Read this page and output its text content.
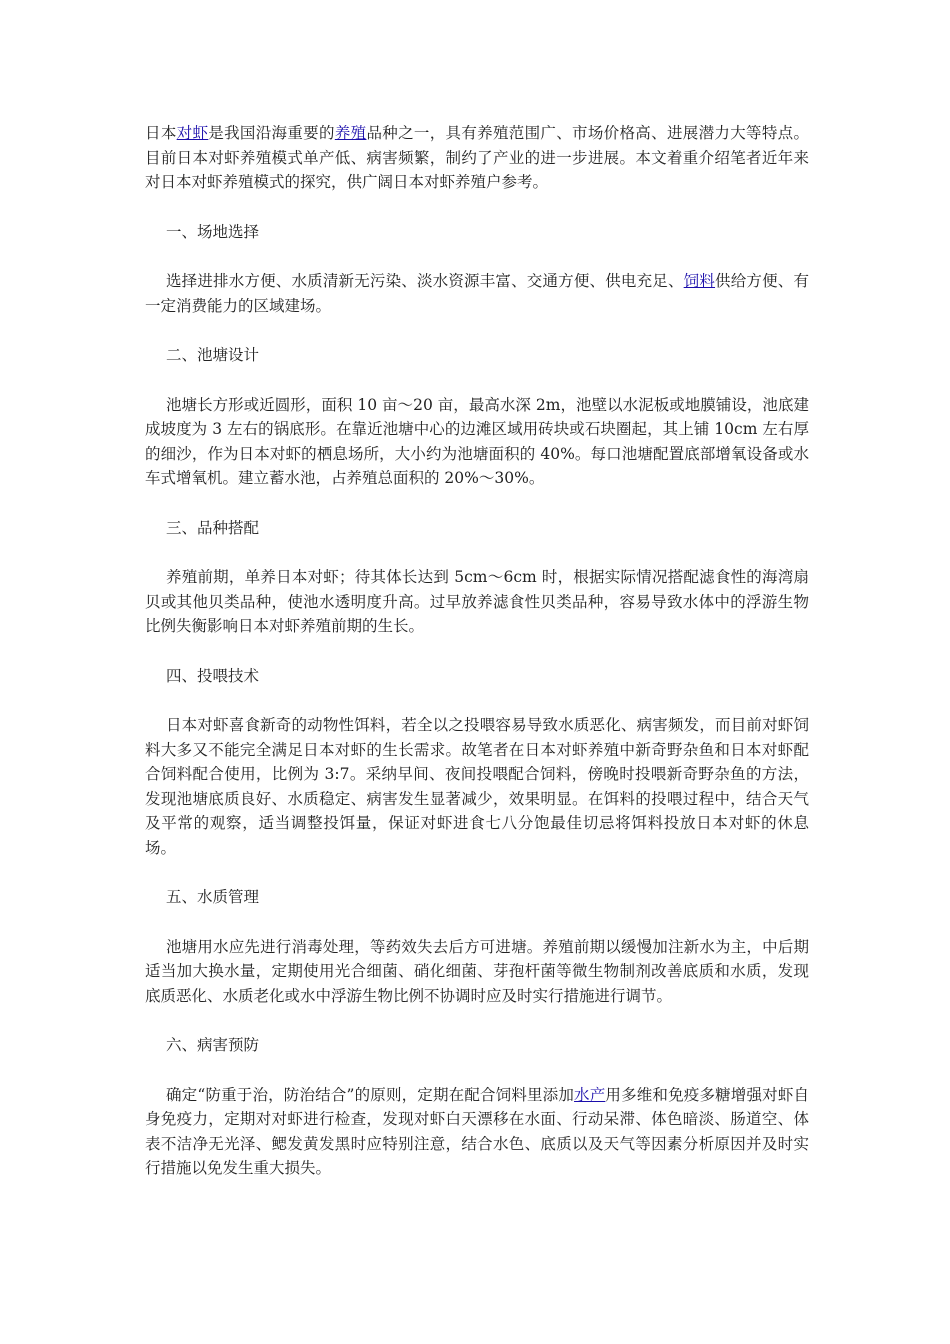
日本对虾是我国沿海重要的养殖品种之一，具有养殖范围广、市场价格高、进展潜力大等特点。目前日本对虾养殖模式单产低、病害频繁，制约了产业的进一步进展。本文着重介绍笔者近年来对日本对虾养殖模式的探究，供广阔日本对虾养殖户参考。

一、场地选择

选择进排水方便、水质清新无污染、淡水资源丰富、交通方便、供电充足、饲料供给方便、有一定消费能力的区域建场。

二、池塘设计

池塘长方形或近圆形，面积 10 亩～20 亩，最高水深 2m，池壁以水泥板或地膜铺设，池底建成坡度为 3 左右的锅底形。在靠近池塘中心的边滩区域用砖块或石块圈起，其上铺 10cm 左右厚的细沙，作为日本对虾的栖息场所，大小约为池塘面积的 40%。每口池塘配置底部增氧设备或水车式增氧机。建立蓄水池，占养殖总面积的 20%～30%。

三、品种搭配

养殖前期，单养日本对虾；待其体长达到 5cm～6cm 时，根据实际情况搭配滤食性的海湾扇贝或其他贝类品种，使池水透明度升高。过早放养滤食性贝类品种，容易导致水体中的浮游生物比例失衡影响日本对虾养殖前期的生长。

四、投喂技术

日本对虾喜食新奇的动物性饵料，若全以之投喂容易导致水质恶化、病害频发，而目前对虾饲料大多又不能完全满足日本对虾的生长需求。故笔者在日本对虾养殖中新奇野杂鱼和日本对虾配合饲料配合使用，比例为 3:7。采纳早间、夜间投喂配合饲料，傍晚时投喂新奇野杂鱼的方法，发现池塘底质良好、水质稳定、病害发生显著减少，效果明显。在饵料的投喂过程中，结合天气及平常的观察，适当调整投饵量，保证对虾进食七八分饱最佳切忌将饵料投放日本对虾的休息场。

五、水质管理

池塘用水应先进行消毒处理，等药效失去后方可进塘。养殖前期以缓慢加注新水为主，中后期适当加大换水量，定期使用光合细菌、硝化细菌、芽孢杆菌等微生物制剂改善底质和水质，发现底质恶化、水质老化或水中浮游生物比例不协调时应及时实行措施进行调节。

六、病害预防

确定“防重于治，防治结合”的原则，定期在配合饲料里添加水产用多维和免疫多糖增强对虾自身免疫力，定期对对虾进行检查，发现对虾白天漂移在水面、行动呆滞、体色暗淡、肠道空、体表不洁净无光泽、鳃发黄发黑时应特别注意，结合水色、底质以及天气等因素分析原因并及时实行措施以免发生重大损失。
